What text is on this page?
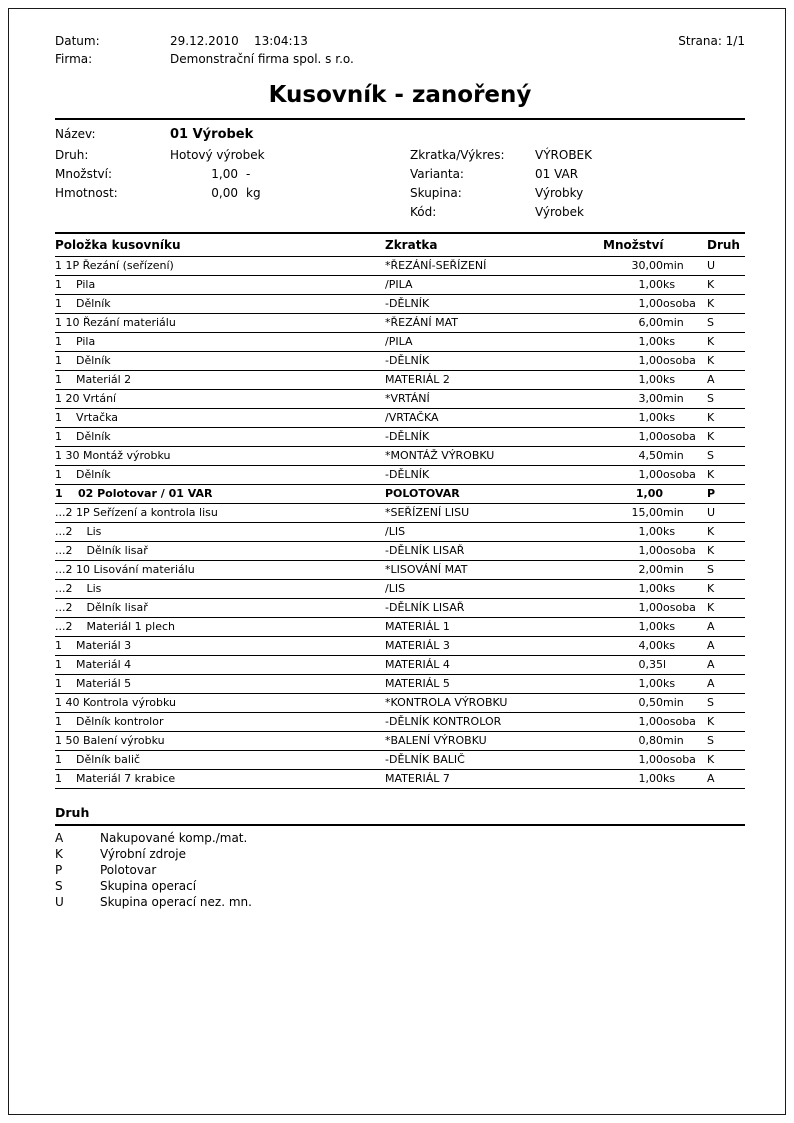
Datum:	29.12.2010    13:04:13
Firma:	Demonstrační firma spol. s r.o.
Strana: 1/1
Kusovník - zanořený
Název:	01 Výrobek
Druh:	Hotový výrobek	Zkratka/Výkres:	VÝROBEK
Množství:	1,00 -	Varianta:	01 VAR
Hmotnost:	0,00 kg	Skupina:	Výrobky
Kód:	Výrobek
Položka kusovníku	Zkratka	Množství		Druh
1 1P Řezání (seřízení)	*ŘEZÁNÍ-SEŘÍZENÍ	30,00	min	U
1    Pila	/PILA	1,00	ks	K
1    Dělník	-DĚLNÍK	1,00	osoba	K
1 10 Řezání materiálu	*ŘEZÁNÍ MAT	6,00	min	S
1    Pila	/PILA	1,00	ks	K
1    Dělník	-DĚLNÍK	1,00	osoba	K
1    Materiál 2	MATERIÁL 2	1,00	ks	A
1 20 Vrtání	*VRTÁNÍ	3,00	min	S
1    Vrtačka	/VRTAČKA	1,00	ks	K
1    Dělník	-DĚLNÍK	1,00	osoba	K
1 30 Montáž výrobku	*MONTÁŽ VÝROBKU	4,50	min	S
1    Dělník	-DĚLNÍK	1,00	osoba	K
1    02 Polotovar / 01 VAR	POLOTOVAR	1,00		P
...2 1P Seřízení a kontrola lisu	*SEŘÍZENÍ LISU	15,00	min	U
...2    Lis	/LIS	1,00	ks	K
...2    Dělník lisař	-DĚLNÍK LISAŘ	1,00	osoba	K
...2 10 Lisování materiálu	*LISOVÁNÍ MAT	2,00	min	S
...2    Lis	/LIS	1,00	ks	K
...2    Dělník lisař	-DĚLNÍK LISAŘ	1,00	osoba	K
...2    Materiál 1 plech	MATERIÁL 1	1,00	ks	A
1    Materiál 3	MATERIÁL 3	4,00	ks	A
1    Materiál 4	MATERIÁL 4	0,35	l	A
1    Materiál 5	MATERIÁL 5	1,00	ks	A
1 40 Kontrola výrobku	*KONTROLA VÝROBKU	0,50	min	S
1    Dělník kontrolor	-DĚLNÍK KONTROLOR	1,00	osoba	K
1 50 Balení výrobku	*BALENÍ VÝROBKU	0,80	min	S
1    Dělník balič	-DĚLNÍK BALIČ	1,00	osoba	K
1    Materiál 7 krabice	MATERIÁL 7	1,00	ks	A
Druh
A	Nakupované komp./mat.
K	Výrobní zdroje
P	Polotovar
S	Skupina operací
U	Skupina operací nez. mn.
